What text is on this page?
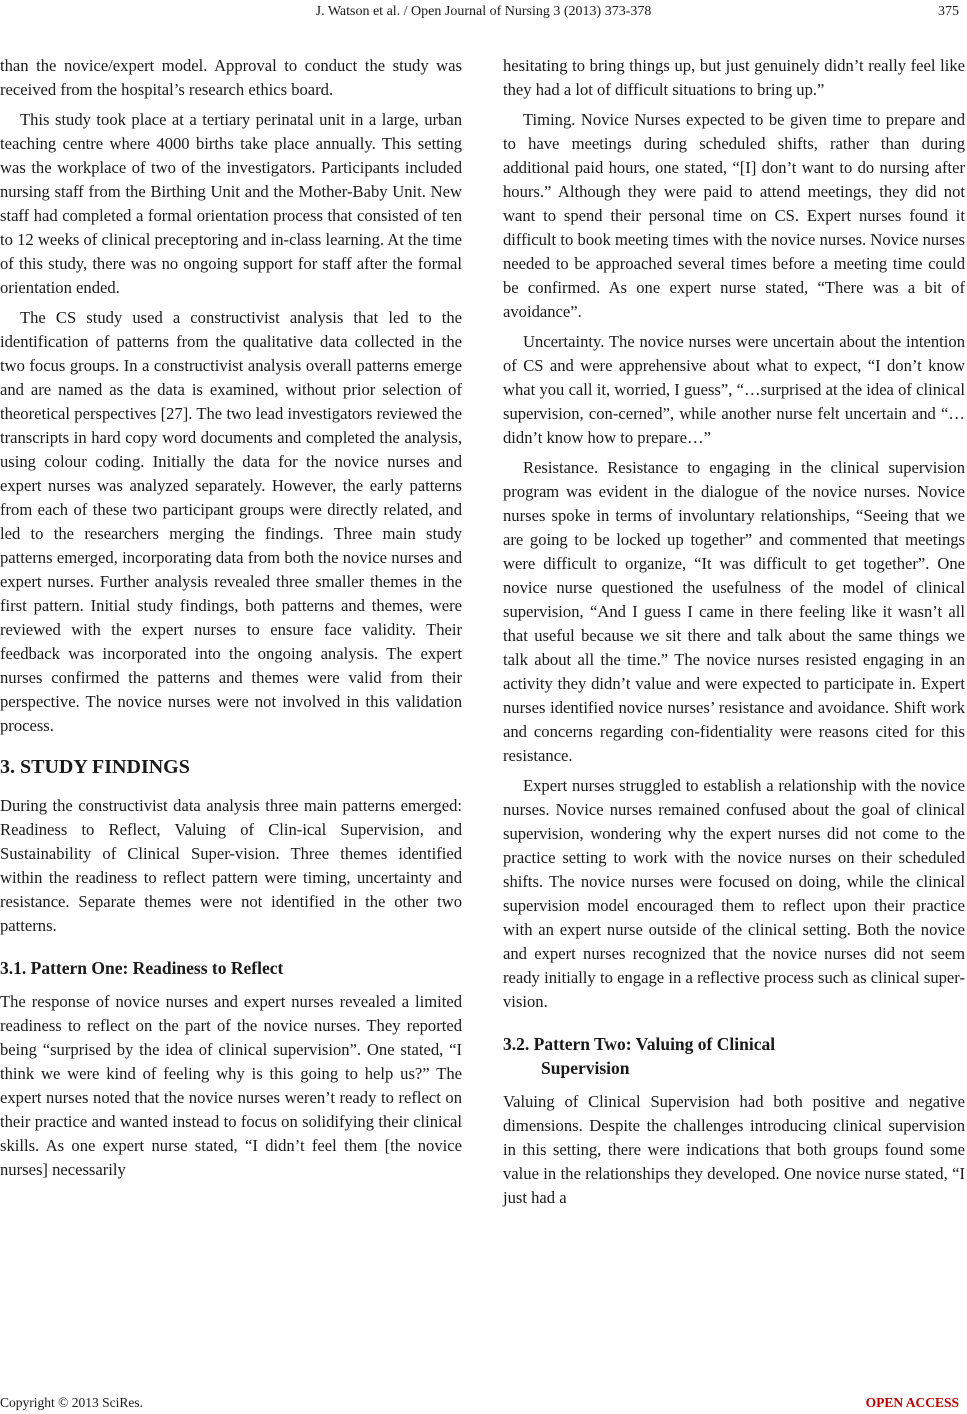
J. Watson et al. / Open Journal of Nursing 3 (2013) 373-378	375

than the novice/expert model. Approval to conduct the study was received from the hospital’s research ethics board.

This study took place at a tertiary perinatal unit in a large, urban teaching centre where 4000 births take place annually. This setting was the workplace of two of the investigators. Participants included nursing staff from the Birthing Unit and the Mother-Baby Unit. New staff had completed a formal orientation process that consisted of ten to 12 weeks of clinical preceptoring and in-class learning. At the time of this study, there was no ongoing support for staff after the formal orientation ended.

The CS study used a constructivist analysis that led to the identification of patterns from the qualitative data collected in the two focus groups. In a constructivist analysis overall patterns emerge and are named as the data is examined, without prior selection of theoretical perspectives [27]. The two lead investigators reviewed the transcripts in hard copy word documents and completed the analysis, using colour coding. Initially the data for the novice nurses and expert nurses was analyzed separately. However, the early patterns from each of these two participant groups were directly related, and led to the researchers merging the findings. Three main study patterns emerged, incorporating data from both the novice nurses and expert nurses. Further analysis revealed three smaller themes in the first pattern. Initial study findings, both patterns and themes, were reviewed with the expert nurses to ensure face validity. Their feedback was incorporated into the ongoing analysis. The expert nurses confirmed the patterns and themes were valid from their perspective. The novice nurses were not involved in this validation process.

3. STUDY FINDINGS

During the constructivist data analysis three main patterns emerged: Readiness to Reflect, Valuing of Clin-ical Supervision, and Sustainability of Clinical Super-vision. Three themes identified within the readiness to reflect pattern were timing, uncertainty and resistance. Separate themes were not identified in the other two patterns.

3.1. Pattern One: Readiness to Reflect

The response of novice nurses and expert nurses revealed a limited readiness to reflect on the part of the novice nurses. They reported being “surprised by the idea of clinical supervision”. One stated, “I think we were kind of feeling why is this going to help us?” The expert nurses noted that the novice nurses weren’t ready to reflect on their practice and wanted instead to focus on solidifying their clinical skills. As one expert nurse stated, “I didn’t feel them [the novice nurses] necessarily

hesitating to bring things up, but just genuinely didn’t really feel like they had a lot of difficult situations to bring up.”

Timing. Novice Nurses expected to be given time to prepare and to have meetings during scheduled shifts, rather than during additional paid hours, one stated, “[I] don’t want to do nursing after hours.” Although they were paid to attend meetings, they did not want to spend their personal time on CS. Expert nurses found it difficult to book meeting times with the novice nurses. Novice nurses needed to be approached several times before a meeting time could be confirmed. As one expert nurse stated, “There was a bit of avoidance”.

Uncertainty. The novice nurses were uncertain about the intention of CS and were apprehensive about what to expect, “I don’t know what you call it, worried, I guess”, “…surprised at the idea of clinical supervision, con-cerned”, while another nurse felt uncertain and “…didn’t know how to prepare…”

Resistance. Resistance to engaging in the clinical supervision program was evident in the dialogue of the novice nurses. Novice nurses spoke in terms of involuntary relationships, “Seeing that we are going to be locked up together” and commented that meetings were difficult to organize, “It was difficult to get together”. One novice nurse questioned the usefulness of the model of clinical supervision, “And I guess I came in there feeling like it wasn’t all that useful because we sit there and talk about the same things we talk about all the time.” The novice nurses resisted engaging in an activity they didn’t value and were expected to participate in. Expert nurses identified novice nurses’ resistance and avoidance. Shift work and concerns regarding con-fidentiality were reasons cited for this resistance.

Expert nurses struggled to establish a relationship with the novice nurses. Novice nurses remained confused about the goal of clinical supervision, wondering why the expert nurses did not come to the practice setting to work with the novice nurses on their scheduled shifts. The novice nurses were focused on doing, while the clinical supervision model encouraged them to reflect upon their practice with an expert nurse outside of the clinical setting. Both the novice and expert nurses recognized that the novice nurses did not seem ready initially to engage in a reflective process such as clinical super-vision.

3.2. Pattern Two: Valuing of Clinical
Supervision

Valuing of Clinical Supervision had both positive and negative dimensions. Despite the challenges introducing clinical supervision in this setting, there were indications that both groups found some value in the relationships they developed. One novice nurse stated, “I just had a

Copyright © 2013 SciRes.	OPEN ACCESS
